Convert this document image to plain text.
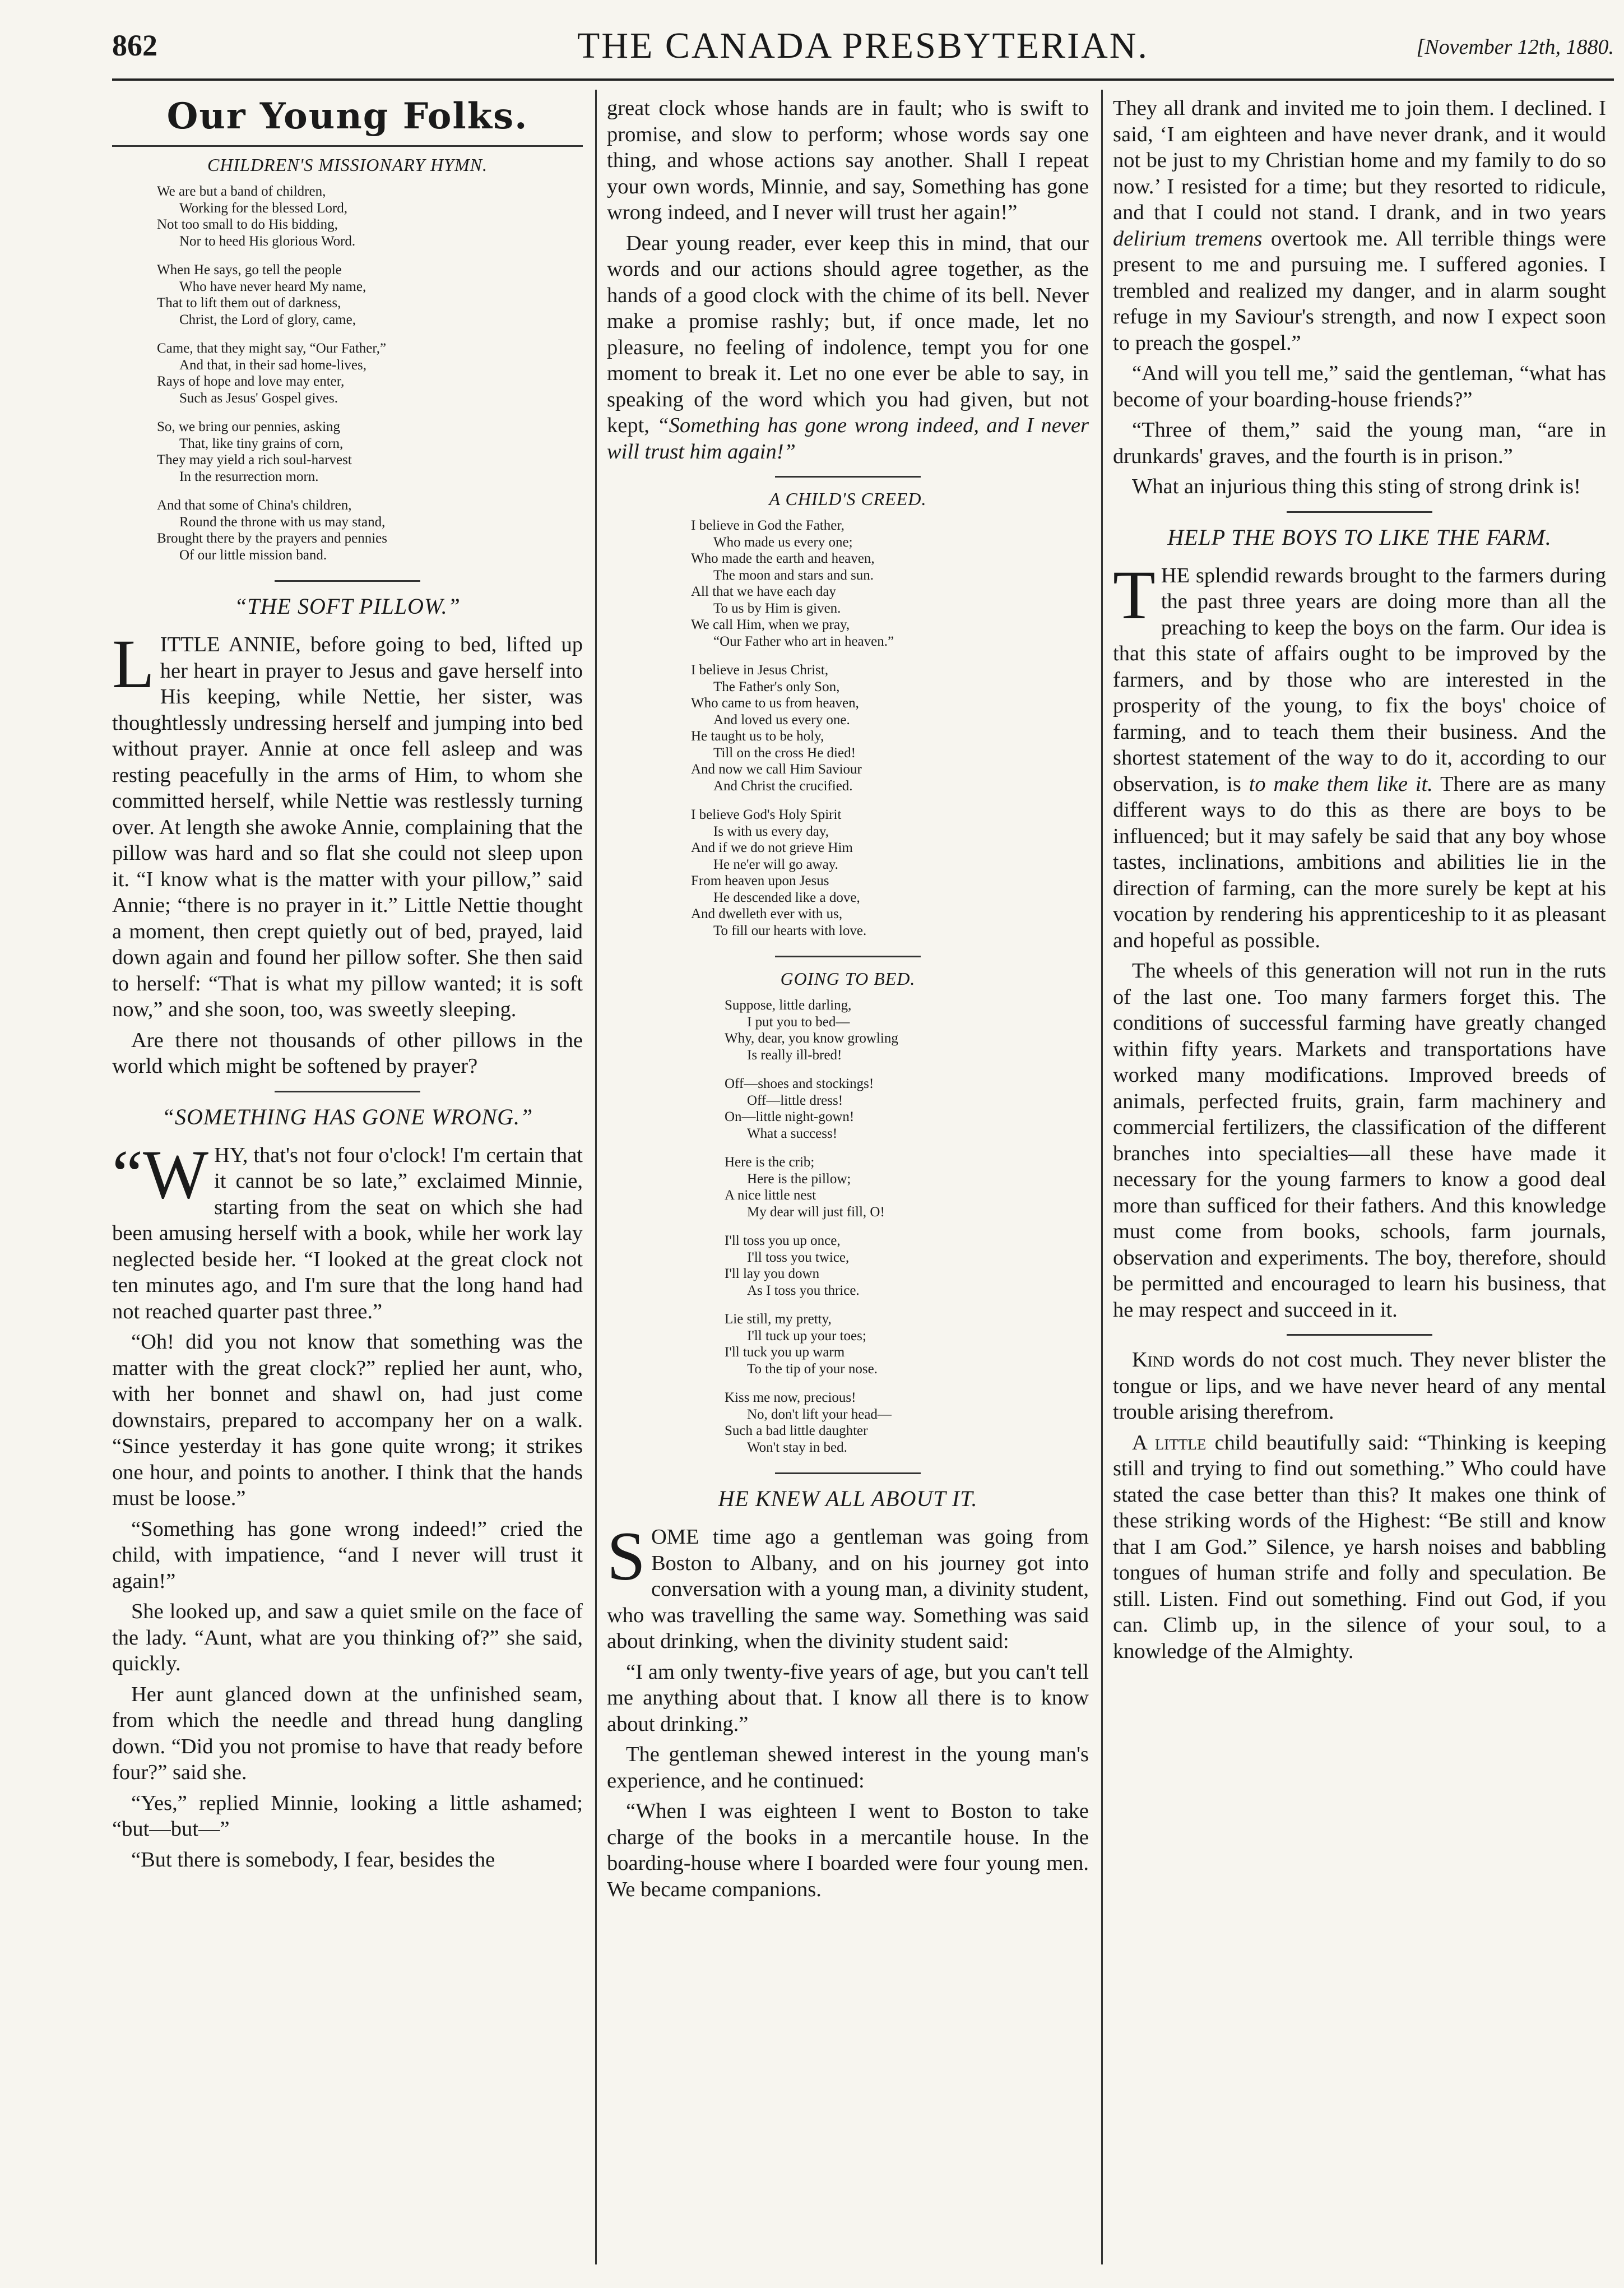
862	THE CANADA PRESBYTERIAN.	[November 12th, 1880.
Our Young Folks.
CHILDREN'S MISSIONARY HYMN.
We are but a band of children,
Working for the blessed Lord,
Not too small to do His bidding,
Nor to heed His glorious Word.
When He says, go tell the people
Who have never heard My name,
That to lift them out of darkness,
Christ, the Lord of glory, came,
Came, that they might say, “Our Father,”
And that, in their sad home-lives,
Rays of hope and love may enter,
Such as Jesus' Gospel gives.
So, we bring our pennies, asking
That, like tiny grains of corn,
They may yield a rich soul-harvest
In the resurrection morn.
And that some of China's children,
Round the throne with us may stand,
Brought there by the prayers and pennies
Of our little mission band.
“THE SOFT PILLOW.”

LITTLE ANNIE, before going to bed, lifted up her heart in prayer to Jesus and gave herself into His keeping, while Nettie, her sister, was thoughtlessly undressing herself and jumping into bed without prayer. Annie at once fell asleep and was resting peacefully in the arms of Him, to whom she committed herself, while Nettie was restlessly turning over. At length she awoke Annie, complaining that the pillow was hard and so flat she could not sleep upon it. “I know what is the matter with your pillow,” said Annie; “there is no prayer in it.” Little Nettie thought a moment, then crept quietly out of bed, prayed, laid down again and found her pillow softer. She then said to herself: “That is what my pillow wanted; it is soft now,” and she soon, too, was sweetly sleeping.

Are there not thousands of other pillows in the world which might be softened by prayer?

“SOMETHING HAS GONE WRONG.”

“WHY, that's not four o'clock! I'm certain that it cannot be so late,” exclaimed Minnie, starting from the seat on which she had been amusing herself with a book, while her work lay neglected beside her. “I looked at the great clock not ten minutes ago, and I'm sure that the long hand had not reached quarter past three.”

“Oh! did you not know that something was the matter with the great clock?” replied her aunt, who, with her bonnet and shawl on, had just come downstairs, prepared to accompany her on a walk. “Since yesterday it has gone quite wrong; it strikes one hour, and points to another. I think that the hands must be loose.”

“Something has gone wrong indeed!” cried the child, with impatience, “and I never will trust it again!”

She looked up, and saw a quiet smile on the face of the lady. “Aunt, what are you thinking of?” she said, quickly.

Her aunt glanced down at the unfinished seam, from which the needle and thread hung dangling down. “Did you not promise to have that ready before four?” said she.

“Yes,” replied Minnie, looking a little ashamed; “but—but—”

“But there is somebody, I fear, besides the

great clock whose hands are in fault; who is swift to promise, and slow to perform; whose words say one thing, and whose actions say another. Shall I repeat your own words, Minnie, and say, Something has gone wrong indeed, and I never will trust her again!”

Dear young reader, ever keep this in mind, that our words and our actions should agree together, as the hands of a good clock with the chime of its bell. Never make a promise rashly; but, if once made, let no pleasure, no feeling of indolence, tempt you for one moment to break it. Let no one ever be able to say, in speaking of the word which you had given, but not kept, “Something has gone wrong indeed, and I never will trust him again!”

A CHILD'S CREED.
I believe in God the Father,
Who made us every one;
Who made the earth and heaven,
The moon and stars and sun.
All that we have each day
To us by Him is given.
We call Him, when we pray,
“Our Father who art in heaven.”
I believe in Jesus Christ,
The Father's only Son,
Who came to us from heaven,
And loved us every one.
He taught us to be holy,
Till on the cross He died!
And now we call Him Saviour
And Christ the crucified.
I believe God's Holy Spirit
Is with us every day,
And if we do not grieve Him
He ne'er will go away.
From heaven upon Jesus
He descended like a dove,
And dwelleth ever with us,
To fill our hearts with love.
GOING TO BED.
Suppose, little darling,
I put you to bed—
Why, dear, you know growling
Is really ill-bred!
Off—shoes and stockings!
Off—little dress!
On—little night-gown!
What a success!
Here is the crib;
Here is the pillow;
A nice little nest
My dear will just fill, O!
I'll toss you up once,
I'll toss you twice,
I'll lay you down
As I toss you thrice.
Lie still, my pretty,
I'll tuck up your toes;
I'll tuck you up warm
To the tip of your nose.
Kiss me now, precious!
No, don't lift your head—
Such a bad little daughter
Won't stay in bed.
HE KNEW ALL ABOUT IT.

SOME time ago a gentleman was going from Boston to Albany, and on his journey got into conversation with a young man, a divinity student, who was travelling the same way. Something was said about drinking, when the divinity student said:

“I am only twenty-five years of age, but you can't tell me anything about that. I know all there is to know about drinking.”

The gentleman shewed interest in the young man's experience, and he continued:

“When I was eighteen I went to Boston to take charge of the books in a mercantile house. In the boarding-house where I boarded were four young men. We became companions.

They all drank and invited me to join them. I declined. I said, ‘I am eighteen and have never drank, and it would not be just to my Christian home and my family to do so now.’ I resisted for a time; but they resorted to ridicule, and that I could not stand. I drank, and in two years delirium tremens overtook me. All terrible things were present to me and pursuing me. I suffered agonies. I trembled and realized my danger, and in alarm sought refuge in my Saviour's strength, and now I expect soon to preach the gospel.”

“And will you tell me,” said the gentleman, “what has become of your boarding-house friends?”

“Three of them,” said the young man, “are in drunkards' graves, and the fourth is in prison.”

What an injurious thing this sting of strong drink is!

HELP THE BOYS TO LIKE THE FARM.

THE splendid rewards brought to the farmers during the past three years are doing more than all the preaching to keep the boys on the farm. Our idea is that this state of affairs ought to be improved by the farmers, and by those who are interested in the prosperity of the young, to fix the boys' choice of farming, and to teach them their business. And the shortest statement of the way to do it, according to our observation, is to make them like it. There are as many different ways to do this as there are boys to be influenced; but it may safely be said that any boy whose tastes, inclinations, ambitions and abilities lie in the direction of farming, can the more surely be kept at his vocation by rendering his apprenticeship to it as pleasant and hopeful as possible.

The wheels of this generation will not run in the ruts of the last one. Too many farmers forget this. The conditions of successful farming have greatly changed within fifty years. Markets and transportations have worked many modifications. Improved breeds of animals, perfected fruits, grain, farm machinery and commercial fertilizers, the classification of the different branches into specialties—all these have made it necessary for the young farmers to know a good deal more than sufficed for their fathers. And this knowledge must come from books, schools, farm journals, observation and experiments. The boy, therefore, should be permitted and encouraged to learn his business, that he may respect and succeed in it.

Kind words do not cost much. They never blister the tongue or lips, and we have never heard of any mental trouble arising therefrom.

A little child beautifully said: “Thinking is keeping still and trying to find out something.” Who could have stated the case better than this? It makes one think of these striking words of the Highest: “Be still and know that I am God.” Silence, ye harsh noises and babbling tongues of human strife and folly and speculation. Be still. Listen. Find out something. Find out God, if you can. Climb up, in the silence of your soul, to a knowledge of the Almighty.
